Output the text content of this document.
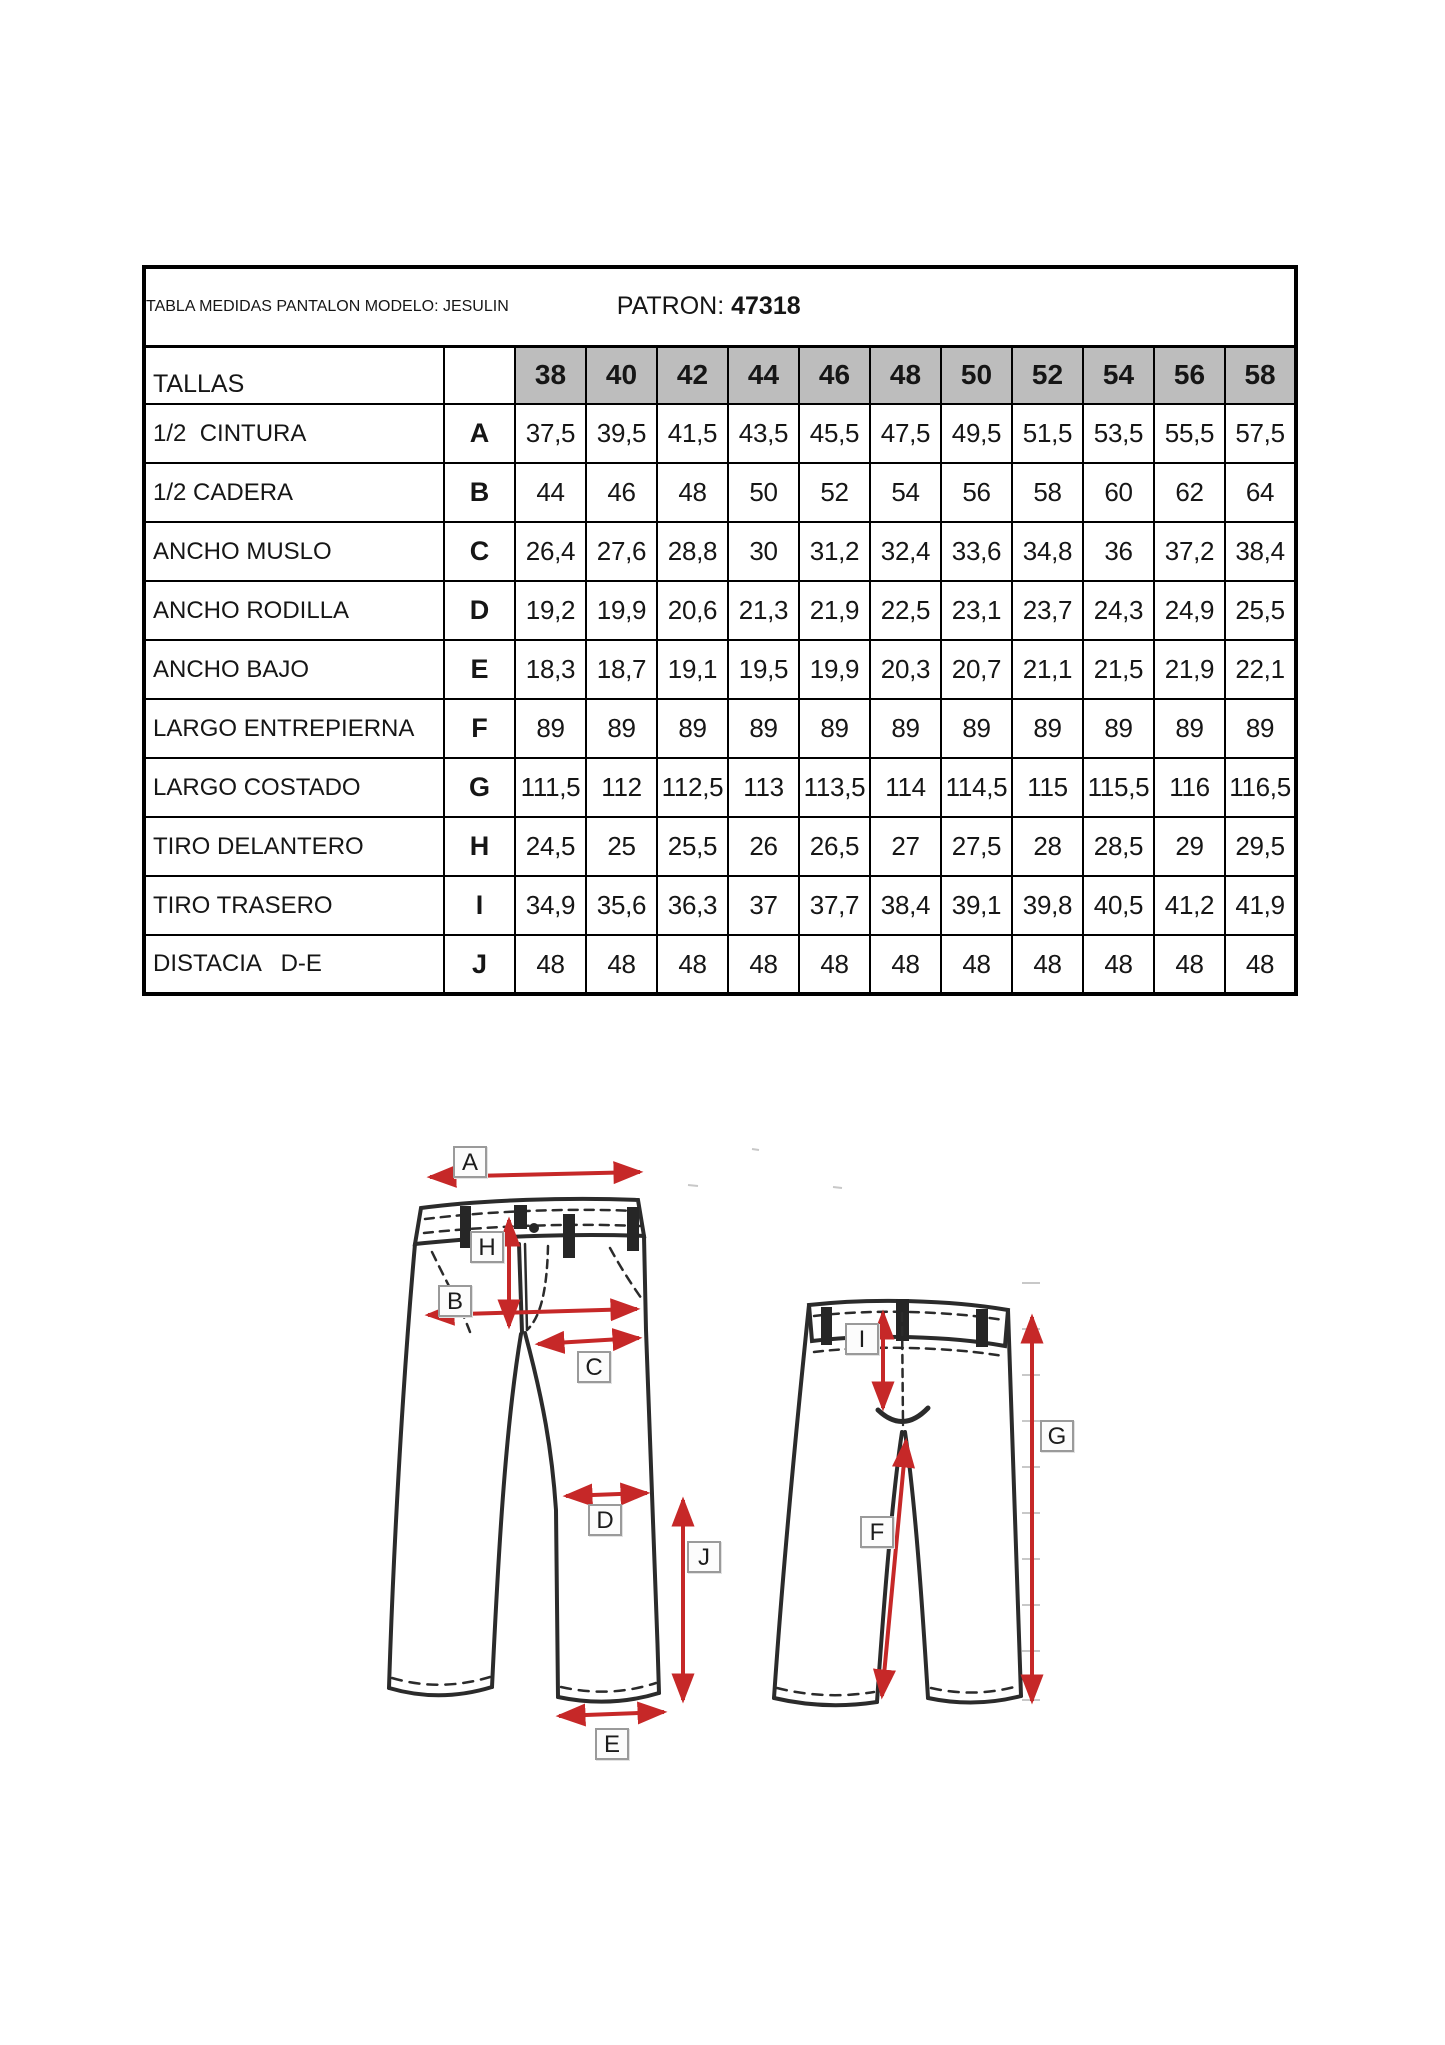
TABLA MEDIDAS PANTALON MODELO: JESULIN PATRON: 47318												

TALLAS		38	40	42	44	46	48	50	52	54	56	58
1/2  CINTURA	A	37,5	39,5	41,5	43,5	45,5	47,5	49,5	51,5	53,5	55,5	57,5
1/2 CADERA	B	44	46	48	50	52	54	56	58	60	62	64
ANCHO MUSLO	C	26,4	27,6	28,8	30	31,2	32,4	33,6	34,8	36	37,2	38,4
ANCHO RODILLA	D	19,2	19,9	20,6	21,3	21,9	22,5	23,1	23,7	24,3	24,9	25,5
ANCHO BAJO	E	18,3	18,7	19,1	19,5	19,9	20,3	20,7	21,1	21,5	21,9	22,1
LARGO ENTREPIERNA	F	89	89	89	89	89	89	89	89	89	89	89
LARGO COSTADO	G	111,5	112	112,5	113	113,5	114	114,5	115	115,5	116	116,5
TIRO DELANTERO	H	24,5	25	25,5	26	26,5	27	27,5	28	28,5	29	29,5
TIRO TRASERO	I	34,9	35,6	36,3	37	37,7	38,4	39,1	39,8	40,5	41,2	41,9
DISTACIA   D-E	J	48	48	48	48	48	48	48	48	48	48	48
A
H
B
C
D
J
E
I
F
G
